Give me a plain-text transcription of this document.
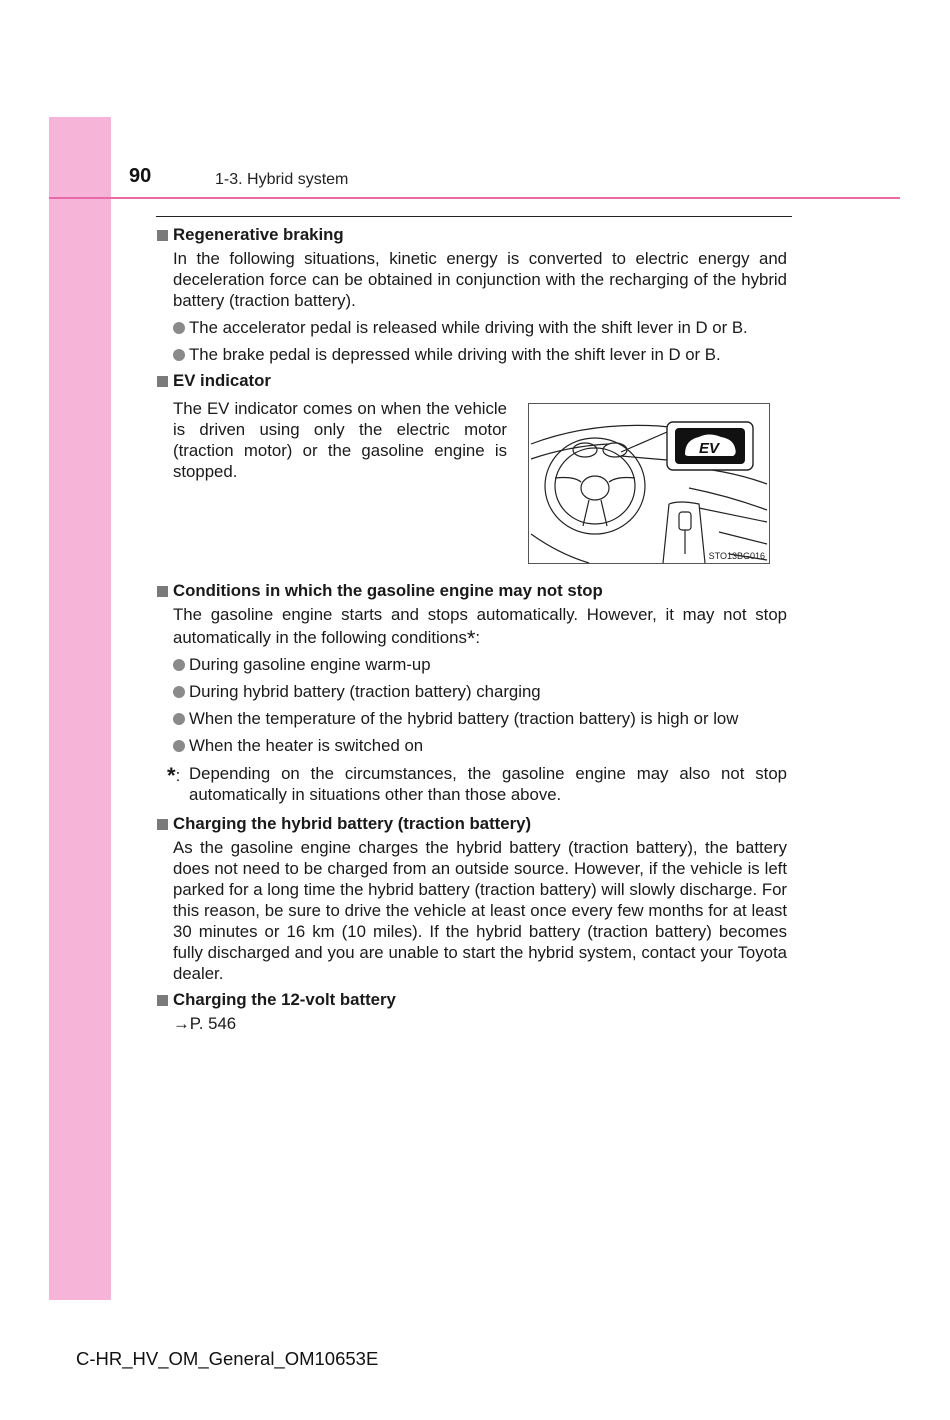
90	1-3. Hybrid system
Regenerative braking
In the following situations, kinetic energy is converted to electric energy and deceleration force can be obtained in conjunction with the recharging of the hybrid battery (traction battery).
The accelerator pedal is released while driving with the shift lever in D or B.
The brake pedal is depressed while driving with the shift lever in D or B.
EV indicator
The EV indicator comes on when the vehicle is driven using only the electric motor (traction motor) or the gasoline engine is stopped.
EV
STO13BG016
Conditions in which the gasoline engine may not stop
The gasoline engine starts and stops automatically. However, it may not stop automatically in the following conditions*:
During gasoline engine warm-up
During hybrid battery (traction battery) charging
When the temperature of the hybrid battery (traction battery) is high or low
When the heater is switched on
*: Depending on the circumstances, the gasoline engine may also not stop automatically in situations other than those above.
Charging the hybrid battery (traction battery)
As the gasoline engine charges the hybrid battery (traction battery), the battery does not need to be charged from an outside source. However, if the vehicle is left parked for a long time the hybrid battery (traction battery) will slowly discharge. For this reason, be sure to drive the vehicle at least once every few months for at least 30 minutes or 16 km (10 miles). If the hybrid battery (traction battery) becomes fully discharged and you are unable to start the hybrid system, contact your Toyota dealer.
Charging the 12-volt battery
→P. 546
C-HR_HV_OM_General_OM10653E
